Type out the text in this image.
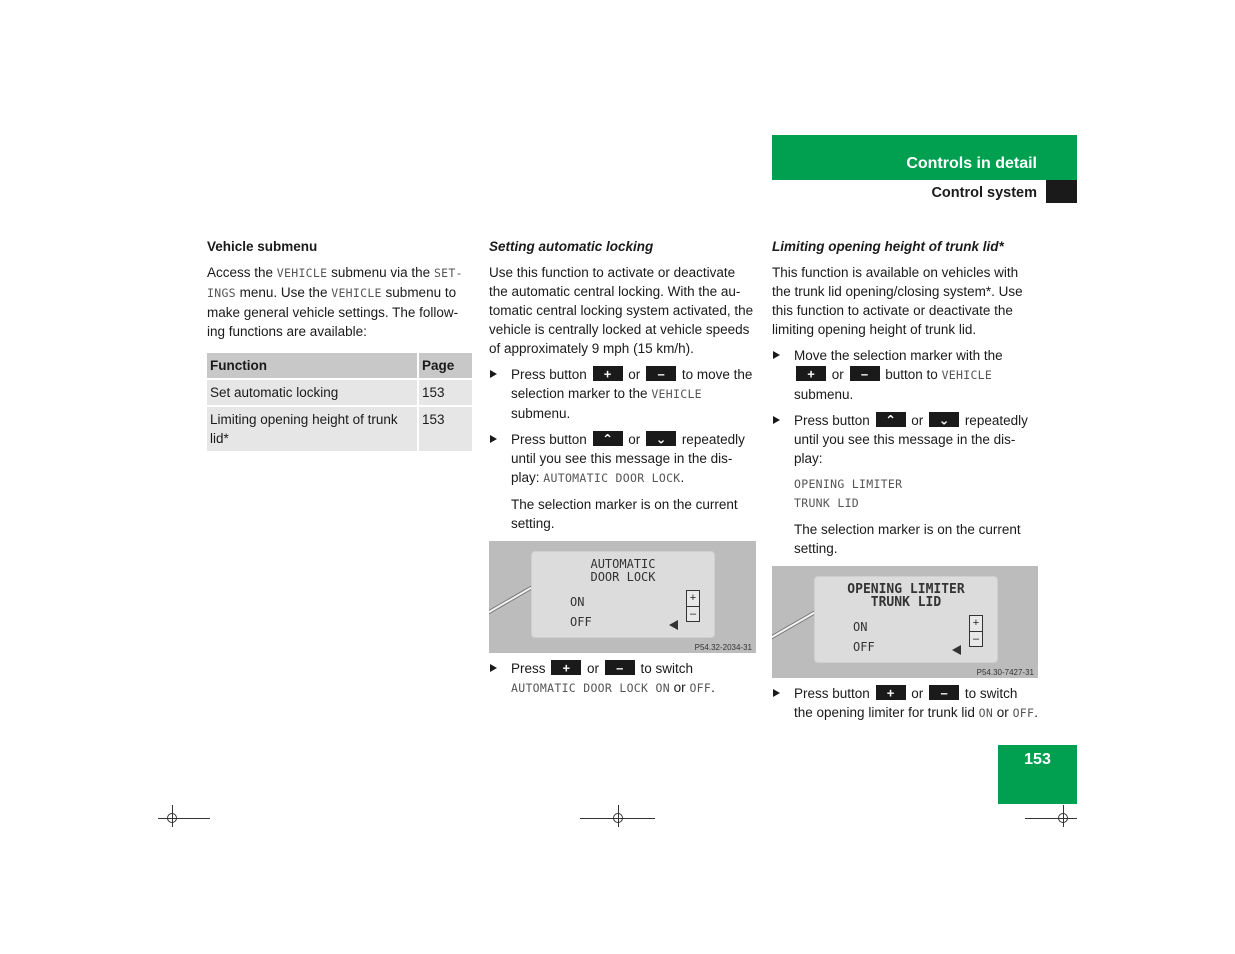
Controls in detail
Control system
Vehicle submenu

Access the VEHICLE submenu via the SET-INGS menu. Use the VEHICLE submenu to make general vehicle settings. The follow-ing functions are available:

Function	Page
Set automatic locking	153
Limiting opening height of trunk lid*	153
Setting automatic locking

Use this function to activate or deactivate the automatic central locking. With the au-tomatic central locking system activated, the vehicle is centrally locked at vehicle speeds of approximately 9 mph (15 km/h).

Press button	+ or	– to move the selection marker to the VEHICLE submenu.
Press button ⌃ or ⌄ repeatedly until you see this message in the dis-play: AUTOMATIC DOOR LOCK.
The selection marker is on the current setting.
AUTOMATIC
DOOR LOCK
ON
OFF
+
–
P54.32-2034-31
Press	+ or	– to switch AUTOMATIC DOOR LOCK ON or OFF.
Limiting opening height of trunk lid*

This function is available on vehicles with the trunk lid opening/closing system*. Use this function to activate or deactivate the limiting opening height of trunk lid.

Move the selection marker with the
+ or	– button to VEHICLE submenu.
Press button ⌃ or ⌄ repeatedly until you see this message in the dis-play:
OPENING LIMITER
TRUNK LID
The selection marker is on the current setting.
OPENING LIMITER
TRUNK LID
ON
OFF
+
–
P54.30-7427-31
Press button	+ or	– to switch the opening limiter for trunk lid ON or OFF.
153
